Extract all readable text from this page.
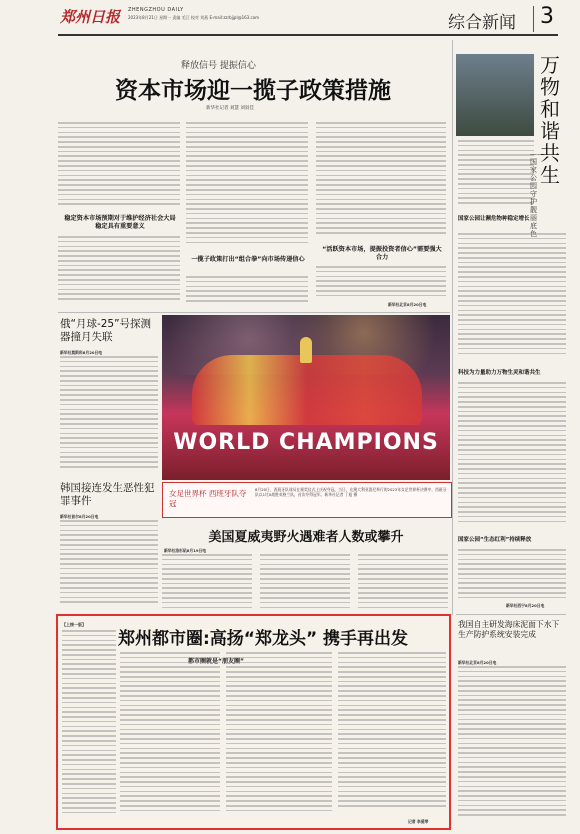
郑州日报 ZHENGZHOU DAILY
2023年8月21日 星期一 责编 毛江 校对 刘燕 E-mail:zzrbjjpl@163.com	综合新闻 3
释放信号 提振信心
资本市场迎一揽子政策措施
新华社记者 刘慧 刘羽佳
稳定资本市场预期对于维护经济社会大局稳定具有重要意义
一揽子政策打出“组合拳”向市场传递信心
“活跃资本市场，提振投资者信心”需要强大合力
新华社北京8月20日电
万物和谐共生
——国家公园守护靓丽底
国家公园让濒危物种稳定增长
科技为力量助力万物生灵和谐共生
国家公园“生态红利”持续释放
新华社西宁8月20日电
俄“月球-25”号探测器撞月失联
新华社莫斯科8月20日电
韩国接连发生恶性犯罪事件
新华社首尔8月20日电
WORLD CHAMPIONS
女足世界杯 西班牙队夺冠
8月20日，西班牙队球员在颁奖仪式上庆祝夺冠。当日，在澳大利亚悉尼举行的2023年女足世界杯决赛中，西班牙队以1比0战胜英格兰队，首次夺得冠军。新华社记者 丁旭 摄
美国夏威夷野火遇难者人数或攀升
新华社洛杉矶8月19日电
我国自主研发海床泥面下水下生产防护系统安装完成
新华社北京8月20日电
郑州都市圈:高扬“郑龙头” 携手再出发
【上接一版】
记者 李爱琴
